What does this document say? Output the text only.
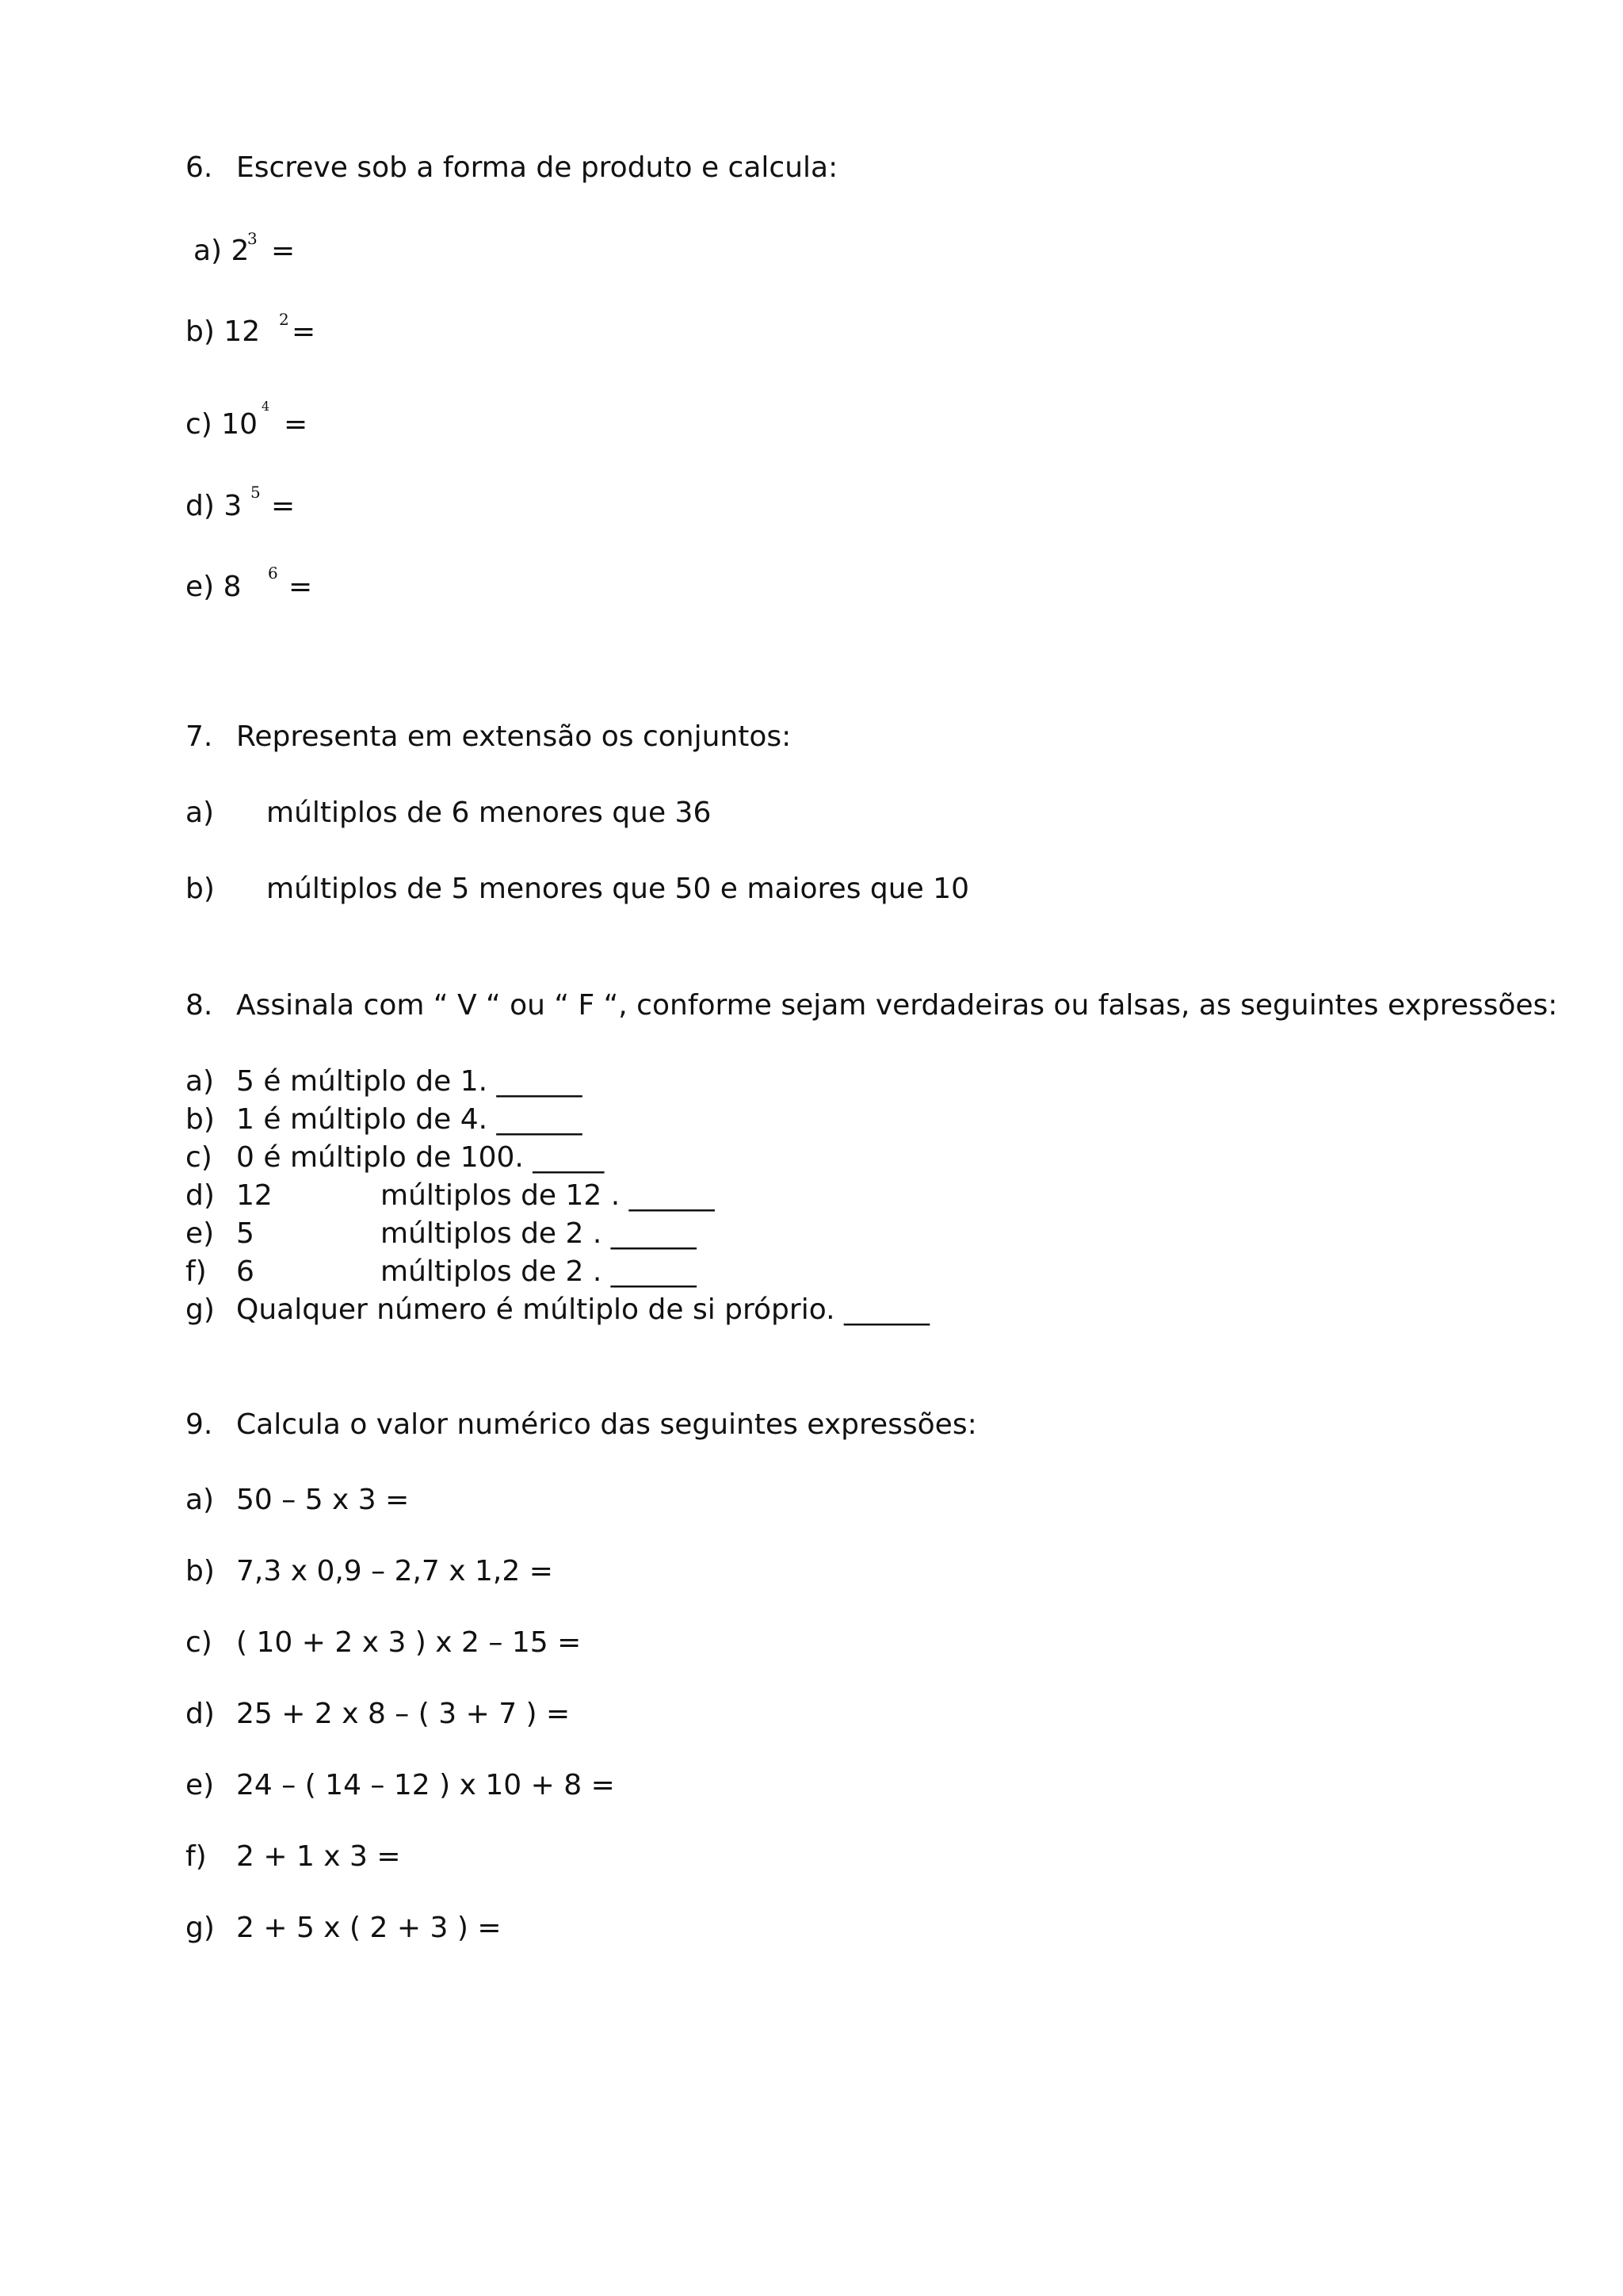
6. Escreve sob a forma de produto e calcula:
a) 2
3 =
b) 12 2 =
c) 10
4
=
d) 3 5 =
e) 8 6 =
7. Representa em extensão os conjuntos:
a) múltiplos de 6 menores que 36
b) múltiplos de 5 menores que 50 e maiores que 10
8. Assinala com “ V “ ou “ F “, conforme sejam verdadeiras ou falsas, as seguintes expressões:
a) 5 é múltiplo de 1. ______
b) 1 é múltiplo de 4. ______
c) 0 é múltiplo de 100. _____
d) 12	múltiplos de 12 . ______
e) 5	múltiplos de 2 . ______
f) 6	múltiplos de 2 . ______
g) Qualquer número é múltiplo de si próprio. ______
9. Calcula o valor numérico das seguintes expressões:
a) 50 – 5 x 3 =
b) 7,3 x 0,9 – 2,7 x 1,2 =
c) ( 10 + 2 x 3 ) x 2 – 15 =
d) 25 + 2 x 8 – ( 3 + 7 ) =
e) 24 – ( 14 – 12 ) x 10 + 8 =
f) 2 + 1 x 3 =
g) 2 + 5 x ( 2 + 3 ) =
